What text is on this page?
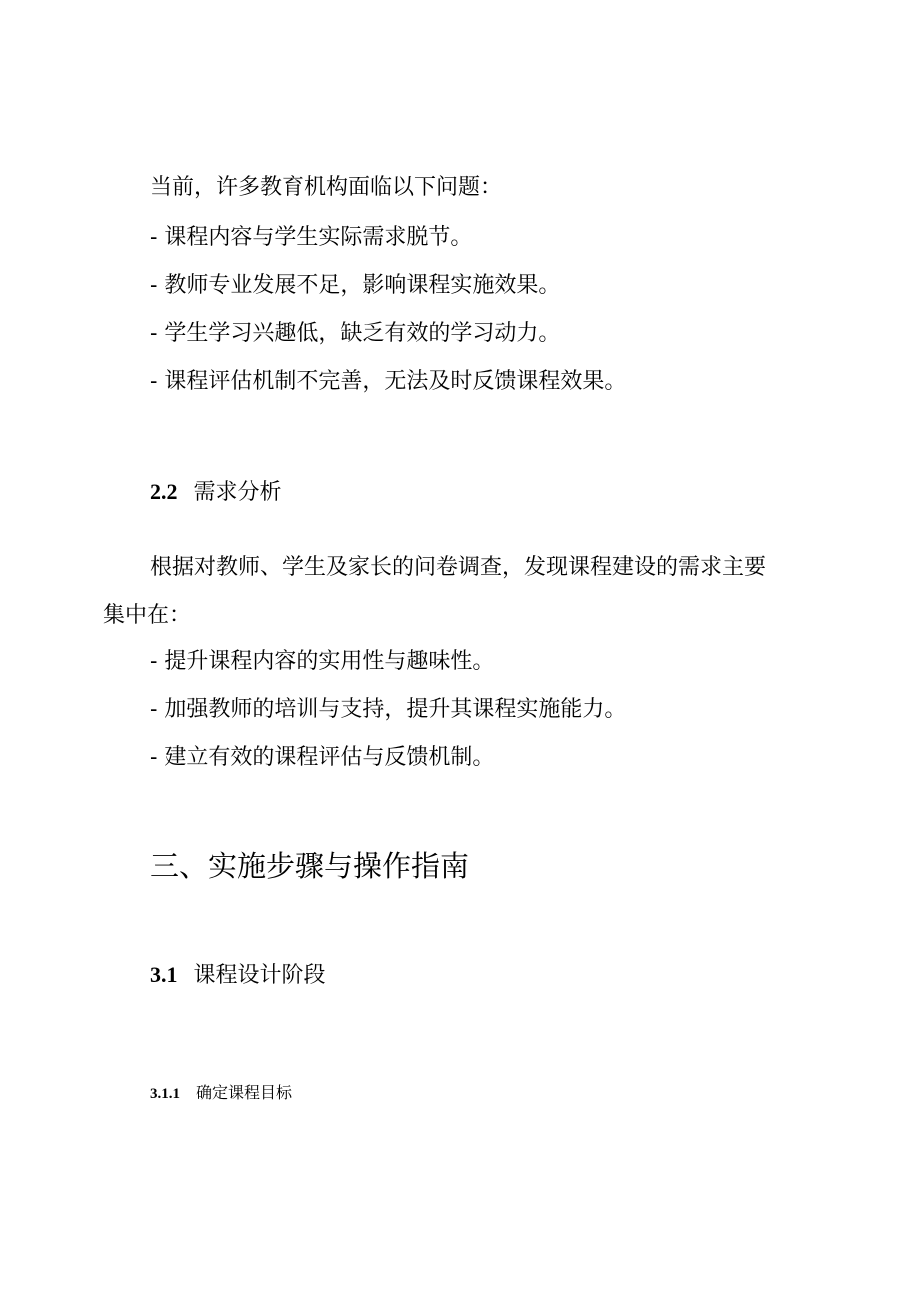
当前，许多教育机构面临以下问题：
- 课程内容与学生实际需求脱节。
- 教师专业发展不足，影响课程实施效果。
- 学生学习兴趣低，缺乏有效的学习动力。
- 课程评估机制不完善，无法及时反馈课程效果。
2.2 需求分析
根据对教师、学生及家长的问卷调查，发现课程建设的需求主要
集中在：
- 提升课程内容的实用性与趣味性。
- 加强教师的培训与支持，提升其课程实施能力。
- 建立有效的课程评估与反馈机制。
三、实施步骤与操作指南
3.1 课程设计阶段
3.1.1 确定课程目标
